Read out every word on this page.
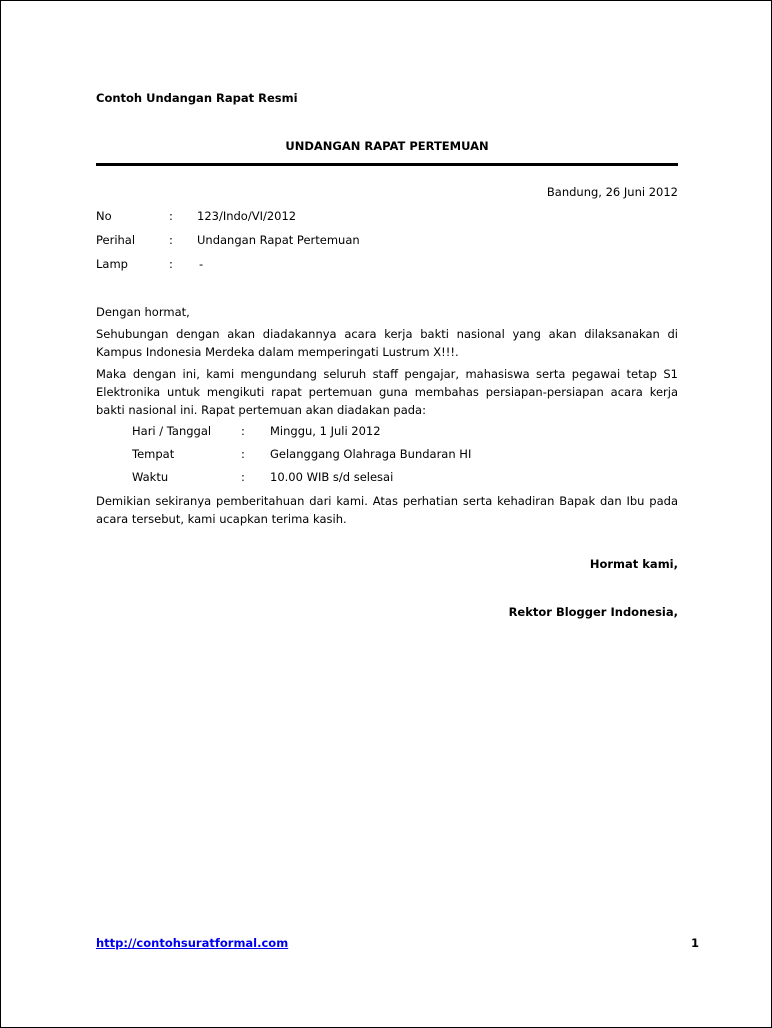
Contoh Undangan Rapat Resmi
UNDANGAN RAPAT PERTEMUAN
Bandung, 26 Juni 2012
No	: 123/Indo/VI/2012
Perihal	: Undangan Rapat Pertemuan
Lamp	: -
Dengan hormat,
Sehubungan dengan akan diadakannya acara kerja bakti nasional yang akan dilaksanakan di Kampus Indonesia Merdeka dalam memperingati Lustrum X!!!.
Maka dengan ini, kami mengundang seluruh staff pengajar, mahasiswa serta pegawai tetap S1 Elektronika untuk mengikuti rapat pertemuan guna membahas persiapan-persiapan acara kerja bakti nasional ini. Rapat pertemuan akan diadakan pada:
Hari / Tanggal	: Minggu, 1 Juli 2012
Tempat	: Gelanggang Olahraga Bundaran HI
Waktu	: 10.00 WIB s/d selesai
Demikian sekiranya pemberitahuan dari kami. Atas perhatian serta kehadiran Bapak dan Ibu pada acara tersebut, kami ucapkan terima kasih.
Hormat kami,
Rektor Blogger Indonesia,
http://contohsuratformal.com	1
